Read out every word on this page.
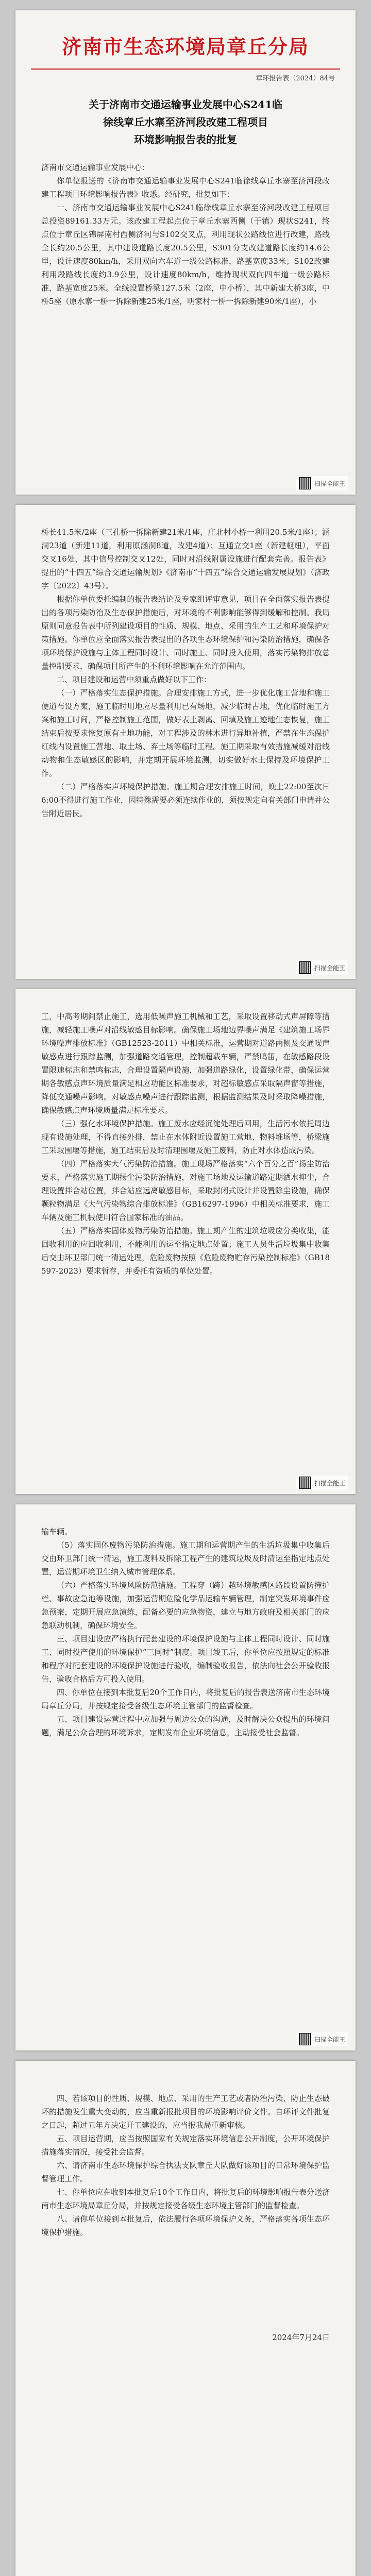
济南市生态环境局章丘分局
章环报告表（2024）84号
关于济南市交通运输事业发展中心S241临
徐线章丘水寨至济河段改建工程项目
环境影响报告表的批复

济南市交通运输事业发展中心：

你单位报送的《济南市交通运输事业发展中心S241临徐线章丘水寨至济河段改建工程项目环境影响报告表》收悉。经研究，批复如下：

一、济南市交通运输事业发展中心S241临徐线章丘水寨至济河段改建工程项目总投资89161.33万元。该改建工程起点位于章丘水寨西侧（于镇）现状S241，终点位于章丘区锦屏南村西侧济河与S102交叉点，利用现状公路线位进行改建，路线全长约20.5公里，其中建设道路长度20.5公里，S301分支改建道路长度约14.6公里，设计速度80km/h，采用双向六车道一级公路标准，路基宽度33米；S102改建利用段路线长度约3.9公里，设计速度80km/h，维持现状双向四车道一级公路标准，路基宽度25米。全线设置桥梁127.5米（2座，中小桥），其中新建大桥3座，中桥5座（原水寨一桥一拆除新建25米/1座，明家村一桥一拆除新建90米/1座），小

扫描全能王

桥长41.5米/2座（三孔桥一拆除新建21米/1座，庄北村小桥一利用20.5米/1座）；涵洞23道（新建11道，利用原涵洞8道，改建4道）；互通立交1座（新建枢纽），平面交叉16处，其中信号控制交叉12处，同时对沿线附属设施进行配套完善。报告表》提出的“十四五”综合交通运输规划》《济南市“十四五”综合交通运输发展规划》（济政字〔2022〕43号）。

根据你单位委托编制的报告表结论及专家组评审意见，项目在全面落实报告表提出的各项污染防治及生态保护措施后，对环境的不利影响能够得到缓解和控制。我局原则同意报告表中所列建设项目的性质、规模、地点、采用的生产工艺和环境保护对策措施。你单位应全面落实报告表提出的各项生态环境保护和污染防治措施，确保各项环境保护设施与主体工程同时设计、同时施工、同时投入使用，落实污染物排放总量控制要求，确保项目所产生的不利环境影响在允许范围内。

二、项目建设和运营中须重点做好以下工作：

（一）严格落实生态保护措施。合理安排施工方式，进一步优化施工营地和施工便道布设方案，施工临时用地应尽量利用已有场地，减少临时占地，优化临时施工方案和施工时间，严格控制施工范围，做好表土剥离、回填及施工迹地生态恢复，施工结束后按要求恢复原有土地功能，对工程涉及的林木进行异地补植，严禁在生态保护红线内设置施工营地、取土场、弃土场等临时工程。施工期采取有效措施减缓对沿线动物和生态敏感区的影响，并定期开展环境监测，切实做好水土保持及环境保护工作。

（二）严格落实声环境保护措施。施工期合理安排施工时间，晚上22:00至次日6:00不得进行施工作业，因特殊需要必须连续作业的，须按规定向有关部门申请并公告附近居民。

扫描全能王

工，中高考期间禁止施工，选用低噪声施工机械和工艺，采取设置移动式声屏障等措施，减轻施工噪声对沿线敏感目标影响。确保施工场地边界噪声满足《建筑施工场界环境噪声排放标准》（GB12523-2011）中相关标准，运营期对道路两侧及交通噪声敏感点进行跟踪监测，加强道路交通管理，控制超载车辆，严禁鸣笛，在敏感路段设置限速标志和禁鸣标志，合理设置隔声设施，加强道路绿化，设置绿化带，确保运营期各敏感点声环境质量满足相应功能区标准要求，对超标敏感点采取隔声窗等措施，降低交通噪声影响。对敏感点噪声进行跟踪监测，根据监测结果及时采取降噪措施，确保敏感点声环境质量满足标准要求。

（三）强化水环境保护措施。施工废水应经沉淀处理后回用，生活污水依托周边现有设施处理，不得直接外排，禁止在水体附近设置施工营地、物料堆场等，桥梁施工采取围堰等措施，施工结束后及时清理围堰及施工废料，防止对水体造成污染。

（四）严格落实大气污染防治措施。施工现场严格落实“六个百分之百”扬尘防治要求，严格落实施工期扬尘污染防治措施，对施工场地及运输道路定期洒水抑尘，合理设置拌合站位置，拌合站应远离敏感目标，采取封闭式设计并设置除尘设施，确保颗粒物满足《大气污染物综合排放标准》（GB16297-1996）中相关标准要求，施工车辆及施工机械使用符合国家标准的油品。

（五）严格落实固体废物污染防治措施。施工期产生的建筑垃圾应分类收集，能回收利用的应回收利用，不能利用的运至指定地点处置；施工人员生活垃圾集中收集后交由环卫部门统一清运处理，危险废物按照《危险废物贮存污染控制标准》（GB18597-2023）要求暂存，并委托有资质的单位处置。

扫描全能王

输车辆。

（5）落实固体废物污染防治措施。施工期和运营期产生的生活垃圾集中收集后交由环卫部门统一清运，施工废料及拆除工程产生的建筑垃圾及时清运至指定地点处置，运营期环境卫生纳入城市管理体系。

（六）严格落实环境风险防范措施。工程穿（跨）越环境敏感区路段设置防撞护栏、事故应急池等设施，加强运营期危险化学品运输车辆管理，制定突发环境事件应急预案，定期开展应急演练，配备必要的应急物资，建立与地方政府及相关部门的应急联动机制，确保环境安全。

三、项目建设应严格执行配套建设的环境保护设施与主体工程同时设计、同时施工、同时投产使用的环境保护“三同时”制度。项目竣工后，你单位应按照规定的标准和程序对配套建设的环境保护设施进行验收，编制验收报告，依法向社会公开验收报告，验收合格后方可投入使用。

四、你单位在接到本批复后20个工作日内，将批复后的报告表送济南市生态环境局章丘分局，并按规定接受各级生态环境主管部门的监督检查。

五、项目建设运营过程中应加强与周边公众的沟通，及时解决公众提出的环境问题，满足公众合理的环境诉求，定期发布企业环境信息，主动接受社会监督。

扫描全能王

四、若该项目的性质、规模、地点、采用的生产工艺或者防治污染、防止生态破坏的措施发生重大变动的，应当重新报批项目的环境影响评价文件。自环评文件批复之日起，超过五年方决定开工建设的，应当报我局重新审核。

五、项目运营期，应当按照国家有关规定落实环境信息公开制度，公开环境保护措施落实情况，接受社会监督。

六、请济南市生态环境保护综合执法支队章丘大队做好该项目的日常环境保护监督管理工作。

七、你单位应在收到本批复后10个工作日内，将批复后的环境影响报告表分送济南市生态环境局章丘分局，并按规定接受各级生态环境主管部门的监督检查。

八、请你单位接到本批复后，依法履行各项环境保护义务，严格落实各项生态环境保护措施。

2024年7月24日
